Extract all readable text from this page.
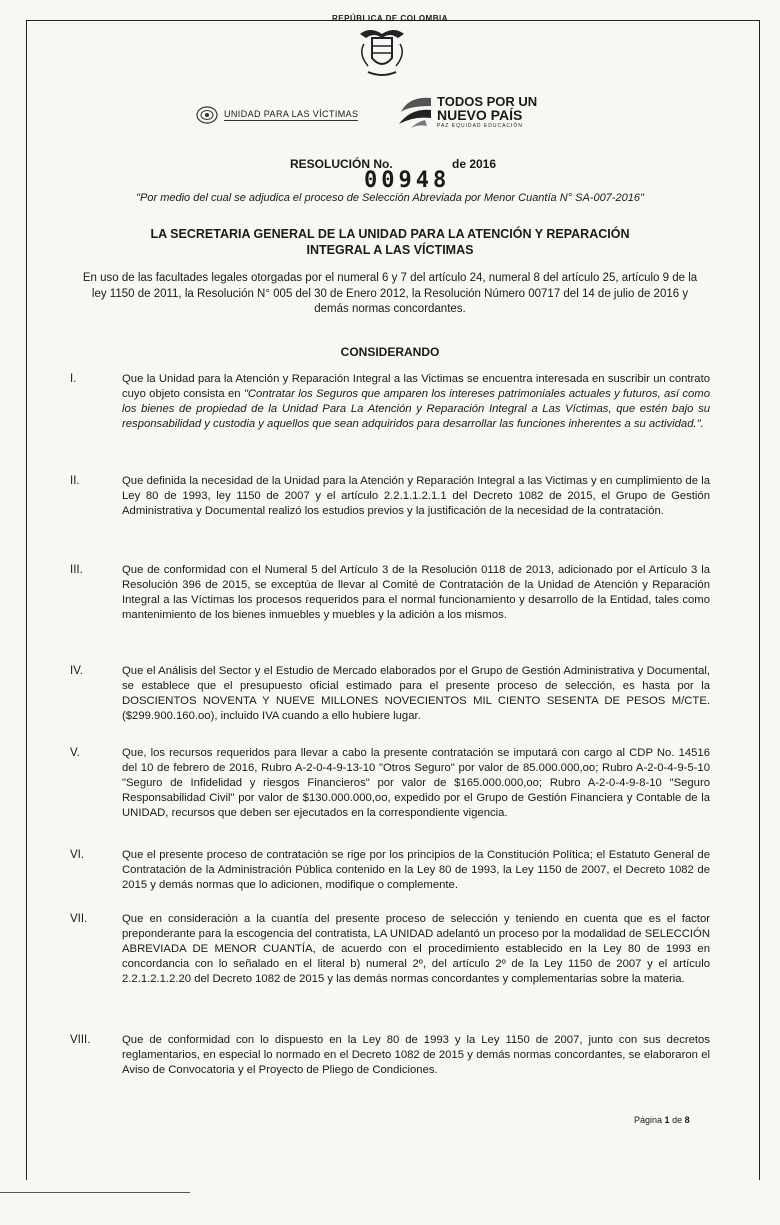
REPÚBLICA DE COLOMBIA
UNIDAD PARA LAS VÍCTIMAS
TODOS POR UN
NUEVO PAÍS
PAZ EQUIDAD EDUCACIÓN
RESOLUCIÓN No.	de 2016
00948
"Por medio del cual se adjudica el proceso de Selección Abreviada por Menor Cuantía N° SA-007-2016"
LA SECRETARIA GENERAL DE LA UNIDAD PARA LA ATENCIÓN Y REPARACIÓN INTEGRAL A LAS VÍCTIMAS
En uso de las facultades legales otorgadas por el numeral 6 y 7 del artículo 24, numeral 8 del artículo 25, artículo 9 de la ley 1150 de 2011, la Resolución N° 005 del 30 de Enero 2012, la Resolución Número 00717 del 14 de julio de 2016 y demás normas concordantes.
CONSIDERANDO
I.	Que la Unidad para la Atención y Reparación Integral a las Victimas se encuentra interesada en suscribir un contrato cuyo objeto consista en "Contratar los Seguros que amparen los intereses patrimoniales actuales y futuros, así como los bienes de propiedad de la Unidad Para La Atención y Reparación Integral a Las Víctimas, que estén bajo su responsabilidad y custodia y aquellos que sean adquiridos para desarrollar las funciones inherentes a su actividad.".
II.	Que definida la necesidad de la Unidad para la Atención y Reparación Integral a las Victimas y en cumplimiento de la Ley 80 de 1993, ley 1150 de 2007 y el artículo 2.2.1.1.2.1.1 del Decreto 1082 de 2015, el Grupo de Gestión Administrativa y Documental realizó los estudios previos y la justificación de la necesidad de la contratación.
III.	Que de conformidad con el Numeral 5 del Artículo 3 de la Resolución 0118 de 2013, adicionado por el Artículo 3 la Resolución 396 de 2015, se exceptúa de llevar al Comité de Contratación de la Unidad de Atención y Reparación Integral a las Víctimas los procesos requeridos para el normal funcionamiento y desarrollo de la Entidad, tales como mantenimiento de los bienes inmuebles y muebles y la adición a los mismos.
IV.	Que el Análisis del Sector y el Estudio de Mercado elaborados por el Grupo de Gestión Administrativa y Documental, se establece que el presupuesto oficial estimado para el presente proceso de selección, es hasta por la DOSCIENTOS NOVENTA Y NUEVE MILLONES NOVECIENTOS MIL CIENTO SESENTA DE PESOS M/CTE. ($299.900.160.oo), incluido IVA cuando a ello hubiere lugar.
V.	Que, los recursos requeridos para llevar a cabo la presente contratación se imputará con cargo al CDP No. 14516 del 10 de febrero de 2016, Rubro A-2-0-4-9-13-10 "Otros Seguro" por valor de 85.000.000,oo; Rubro A-2-0-4-9-5-10 "Seguro de Infidelidad y riesgos Financieros" por valor de $165.000.000,oo; Rubro A-2-0-4-9-8-10 "Seguro Responsabilidad Civil" por valor de $130.000.000,oo, expedido por el Grupo de Gestión Financiera y Contable de la UNIDAD, recursos que deben ser ejecutados en la correspondiente vigencia.
VI.	Que el presente proceso de contratación se rige por los principios de la Constitución Política; el Estatuto General de Contratación de la Administración Pública contenido en la Ley 80 de 1993, la Ley 1150 de 2007, el Decreto 1082 de 2015 y demás normas que lo adicionen, modifique o complemente.
VII.	Que en consideración a la cuantía del presente proceso de selección y teniendo en cuenta que es el factor preponderante para la escogencia del contratista, LA UNIDAD adelantó un proceso por la modalidad de SELECCIÓN ABREVIADA DE MENOR CUANTÍA, de acuerdo con el procedimiento establecido en la Ley 80 de 1993 en concordancia con lo señalado en el literal b) numeral 2º, del artículo 2º de la Ley 1150 de 2007 y el artículo 2.2.1.2.1.2.20 del Decreto 1082 de 2015 y las demás normas concordantes y complementarias sobre la materia.
VIII.	Que de conformidad con lo dispuesto en la Ley 80 de 1993 y la Ley 1150 de 2007, junto con sus decretos reglamentarios, en especial lo normado en el Decreto 1082 de 2015 y demás normas concordantes, se elaboraron el Aviso de Convocatoria y el Proyecto de Pliego de Condiciones.
Página 1 de 8
